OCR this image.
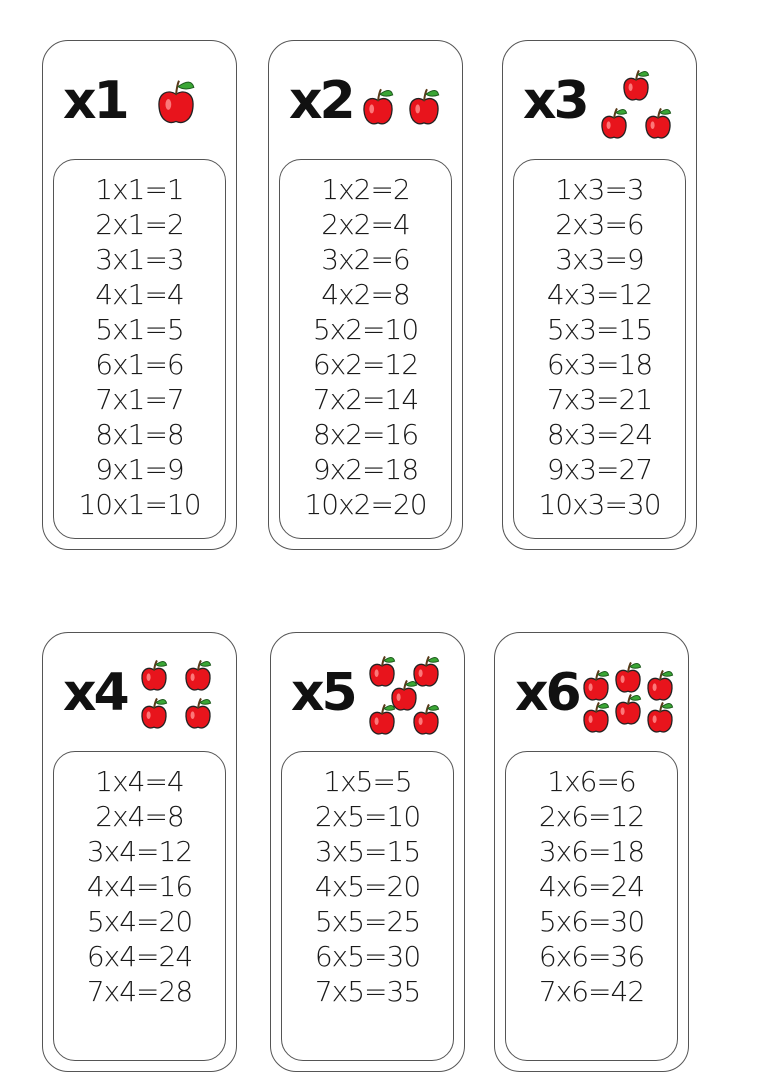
x1
1x1=1
2x1=2
3x1=3
4x1=4
5x1=5
6x1=6
7x1=7
8x1=8
9x1=9
10x1=10
x2
1x2=2
2x2=4
3x2=6
4x2=8
5x2=10
6x2=12
7x2=14
8x2=16
9x2=18
10x2=20
x3
1x3=3
2x3=6
3x3=9
4x3=12
5x3=15
6x3=18
7x3=21
8x3=24
9x3=27
10x3=30
x4
1x4=4
2x4=8
3x4=12
4x4=16
5x4=20
6x4=24
7x4=28
x5
1x5=5
2x5=10
3x5=15
4x5=20
5x5=25
6x5=30
7x5=35
x6
1x6=6
2x6=12
3x6=18
4x6=24
5x6=30
6x6=36
7x6=42
